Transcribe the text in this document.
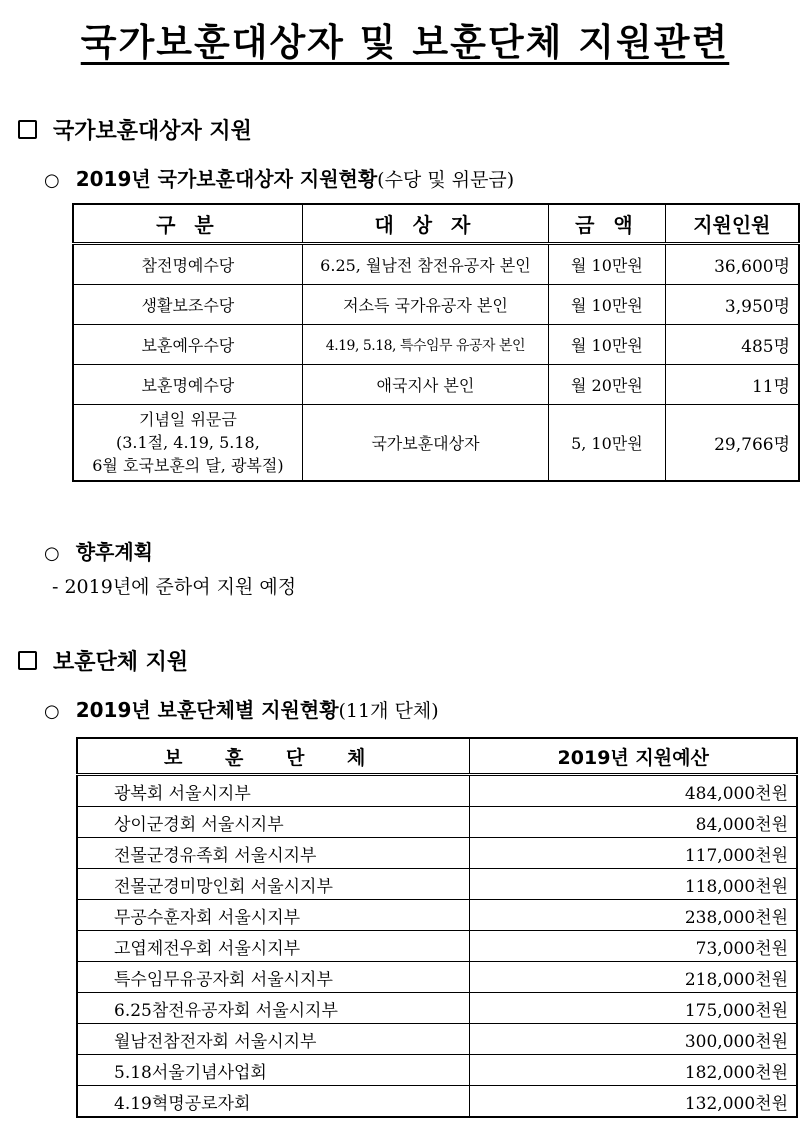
국가보훈대상자 및 보훈단체 지원관련
국가보훈대상자 지원
○ 2019년 국가보훈대상자 지원현황 (수당 및 위문금)
구 분	대 상 자	금 액	지원인원
참전명예수당	6.25, 월남전 참전유공자 본인	월 10만원	36,600명
생활보조수당	저소득 국가유공자 본인	월 10만원	3,950명
보훈예우수당	4.19, 5.18, 특수임무 유공자 본인	월 10만원	485명
보훈명예수당	애국지사 본인	월 20만원	11명
기념일 위문금
(3.1절, 4.19, 5.18,
6월 호국보훈의 달, 광복절)	국가보훈대상자	5, 10만원	29,766명
○ 향후계획
- 2019년에 준하여 지원 예정
보훈단체 지원
○ 2019년 보훈단체별 지원현황 (11개 단체)
보 훈 단 체	2019년 지원예산
광복회 서울시지부	484,000천원
상이군경회 서울시지부	84,000천원
전몰군경유족회 서울시지부	117,000천원
전몰군경미망인회 서울시지부	118,000천원
무공수훈자회 서울시지부	238,000천원
고엽제전우회 서울시지부	73,000천원
특수임무유공자회 서울시지부	218,000천원
6.25참전유공자회 서울시지부	175,000천원
월남전참전자회 서울시지부	300,000천원
5.18서울기념사업회	182,000천원
4.19혁명공로자회	132,000천원
